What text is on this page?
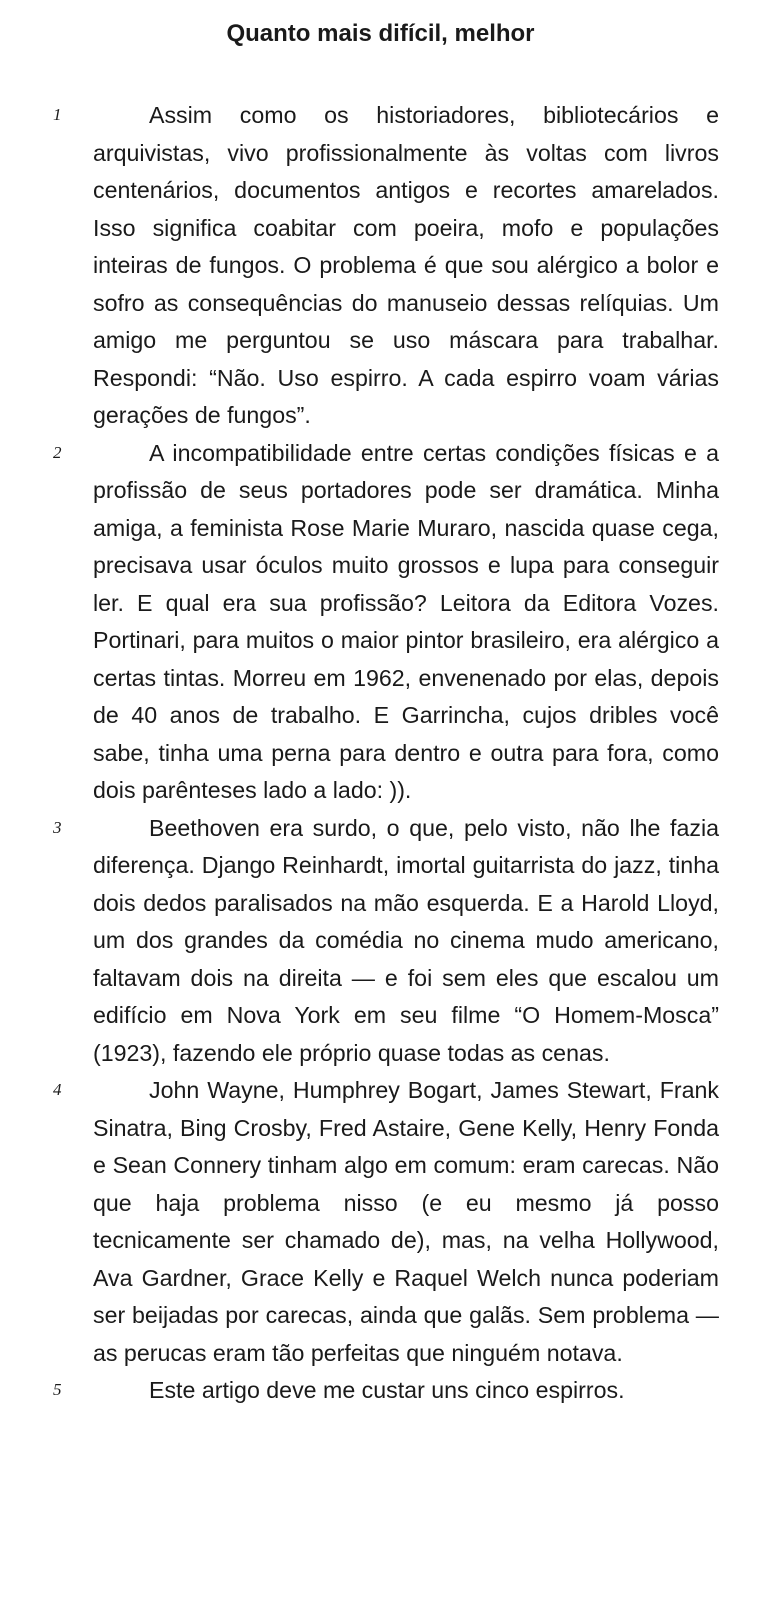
Quanto mais difícil, melhor
1	Assim como os historiadores, bibliotecários e arquivistas, vivo profissionalmente às voltas com livros centenários, documentos antigos e recortes amarelados. Isso significa coabitar com poeira, mofo e populações inteiras de fungos. O problema é que sou alérgico a bolor e sofro as consequências do manuseio dessas relíquias. Um amigo me perguntou se uso máscara para trabalhar. Respondi: “Não. Uso espirro. A cada espirro voam várias gerações de fungos”.

2	A incompatibilidade entre certas condições físicas e a profissão de seus portadores pode ser dramática. Minha amiga, a feminista Rose Marie Muraro, nascida quase cega, precisava usar óculos muito grossos e lupa para conseguir ler. E qual era sua profissão? Leitora da Editora Vozes. Portinari, para muitos o maior pintor brasileiro, era alérgico a certas tintas. Morreu em 1962, envenenado por elas, depois de 40 anos de trabalho. E Garrincha, cujos dribles você sabe, tinha uma perna para dentro e outra para fora, como dois parênteses lado a lado: )).

3	Beethoven era surdo, o que, pelo visto, não lhe fazia diferença. Django Reinhardt, imortal guitarrista do jazz, tinha dois dedos paralisados na mão esquerda. E a Harold Lloyd, um dos grandes da comédia no cinema mudo americano, faltavam dois na direita — e foi sem eles que escalou um edifício em Nova York em seu filme “O Homem-Mosca” (1923), fazendo ele próprio quase todas as cenas.

4	John Wayne, Humphrey Bogart, James Stewart, Frank Sinatra, Bing Crosby, Fred Astaire, Gene Kelly, Henry Fonda e Sean Connery tinham algo em comum: eram carecas. Não que haja problema nisso (e eu mesmo já posso tecnicamente ser chamado de), mas, na velha Hollywood, Ava Gardner, Grace Kelly e Raquel Welch nunca poderiam ser beijadas por carecas, ainda que galãs. Sem problema — as perucas eram tão perfeitas que ninguém notava.

5	Este artigo deve me custar uns cinco espirros.
